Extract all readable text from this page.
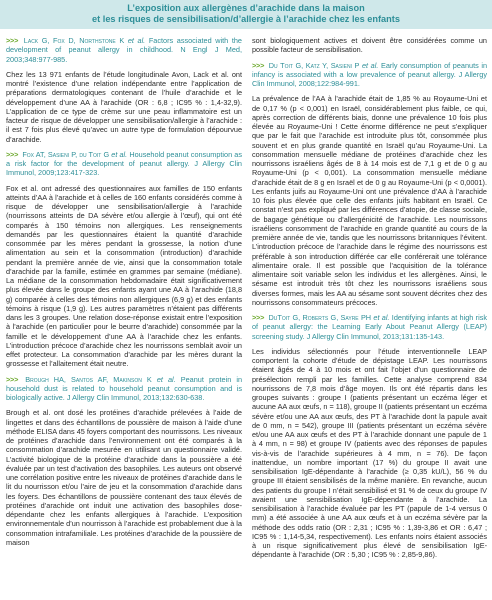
L’exposition aux allergènes d’arachide dans la maison
et les risques de sensibilisation/d’allergie à l’arachide chez les enfants
>>> Lack G, Fox D, Northstone K et al. Factors associated with the development of peanut allergy in childhood. N Engl J Med, 2003;348:977-985.
Chez les 13 971 enfants de l’étude longitudinale Avon, Lack et al. ont montré l’existence d’une relation indépendante entre l’application de préparations dermatologiques contenant de l’huile d’arachide et le développement d’une AA à l’arachide (OR : 6,8 ; IC95 % : 1,4-32,9). L’application de ce type de crème sur une peau inflammatoire est un facteur de risque de développer une sensibilisation/allergie à l’arachide : il est 7 fois plus élevé qu’avec un autre type de formulation dépourvue d’arachide.
>>> Fox AT, Sasieni P, du Toit G et al. Household peanut consumption as a risk factor for the development of peanut allergy. J Allergy Clin Immunol, 2009;123:417-323.
Fox et al. ont adressé des questionnaires aux familles de 150 enfants atteints d’AA à l’arachide et à celles de 160 enfants considérés comme à risque de développer une sensibilisation/allergie à l’arachide (nourrissons atteints de DA sévère et/ou allergie à l’œuf), qui ont été comparés à 150 témoins non allergiques. Les renseignements demandés par les questionnaires étaient la quantité d’arachide consommée par les mères pendant la grossesse, la notion d’une alimentation au sein et la consommation (introduction) d’arachide pendant la première année de vie, ainsi que la consommation totale d’arachide par la famille, estimée en grammes par semaine (médiane). La médiane de la consommation hebdomadaire était significativement plus élevée dans le groupe des enfants ayant une AA à l’arachide (18,8 g) comparée à celles des témoins non allergiques (6,9 g) et des enfants témoins à risque (1,9 g). Les autres paramètres n’étaient pas différents dans les 3 groupes. Une relation dose-réponse existait entre l’exposition à l’arachide (en particulier pour le beurre d’arachide) consommée par la famille et le développement d’une AA à l’arachide chez les enfants. L’introduction précoce d’arachide chez les nourrissons semblait avoir un effet protecteur. La consommation d’arachide par les mères durant la grossesse et l’allaitement était neutre.
>>> Brough HA, Santos AF, Makinson K et al. Peanut protein in household dust is related to household peanut consumption and is biologically active. J Allergy Clin Immunol, 2013;132:630-638.
Brough et al. ont dosé les protéines d’arachide prélevées à l’aide de lingettes et dans des échantillons de poussière de maison à l’aide d’une méthode ELISA dans 45 foyers comportant des nourrissons. Les niveaux de protéines d’arachide dans l’environnement ont été comparés à la consommation d’arachide mesurée en utilisant un questionnaire validé. L’activité biologique de la protéine d’arachide dans la poussière a été évaluée par un test d’activation des basophiles. Les auteurs ont observé une corrélation positive entre les niveaux de protéines d’arachide dans le lit du nourrisson et/ou l’aire de jeu et la consommation d’arachide dans les foyers. Des échantillons de poussière contenant des taux élevés de protéines d’arachide ont induit une activation des basophiles dose-dépendante chez les enfants allergiques à l’arachide. L’exposition environnementale d’un nourrisson à l’arachide est probablement due à la consommation intrafamiliale. Les protéines d’arachide de la poussière de maison
sont biologiquement actives et doivent être considérées comme un possible facteur de sensibilisation.
>>> Du Toit G, Katz Y, Sasieni P et al. Early consumption of peanuts in infancy is associated with a low prevalence of peanut allergy. J Allergy Clin Immunol, 2008;122:984-991.
La prévalence de l’AA à l’arachide était de 1,85 % au Royaume-Uni et de 0,17 % (p < 0,001) en Israël, considérablement plus faible, ce qui, après correction de différents biais, donne une prévalence 10 fois plus élevée au Royaume-Uni ! Cette énorme différence ne peut s’expliquer que par le fait que l’arachide est introduite plus tôt, consommée plus souvent et en plus grande quantité en Israël qu’au Royaume-Uni. La consommation mensuelle médiane de protéines d’arachide chez les nourrissons israéliens âgés de 8 à 14 mois est de 7,1 g et de 0 g au Royaume-Uni (p < 0,001). La consommation mensuelle médiane d’arachide était de 8 g en Israël et de 0 g au Royaume-Uni (p < 0,0001). Les enfants juifs au Royaume-Uni ont une prévalence d’AA à l’arachide 10 fois plus élevée que celle des enfants juifs habitant en Israël. Ce constat n’est pas expliqué par les différences d’atopie, de classe sociale, de bagage génétique ou d’allergénicité de l’arachide. Les nourrissons israéliens consomment de l’arachide en grande quantité au cours de la première année de vie, tandis que les nourrissons britanniques l’évitent. L’introduction précoce de l’arachide dans le régime des nourrissons est préférable à son introduction différée car elle conférerait une tolérance alimentaire orale. Il est possible que l’acquisition de la tolérance alimentaire soit variable selon les individus et les allergènes. Ainsi, le sésame est introduit très tôt chez les nourrissons israéliens sous diverses formes, mais les AA au sésame sont souvent décrites chez des nourrissons consommateurs précoces.
>>> DuToit G, Roberts G, Sayre PH et al. Identifying infants at high risk of peanut allergy: the Learning Early About Peanut Allergy (LEAP) screening study. J Allergy Clin Immunol, 2013;131:135-143.
Les individus sélectionnés pour l’étude interventionnelle LEAP comportent la cohorte d’étude de dépistage LEAP. Les nourrissons étaient âgés de 4 à 10 mois et ont fait l’objet d’un questionnaire de présélection rempli par les familles. Cette analyse comprend 834 nourrissons de 7,8 mois d’âge moyen. Ils ont été répartis dans les groupes suivants : groupe I (patients présentant un eczéma léger et aucune AA aux œufs, n = 118), groupe II (patients présentant un eczéma sévère et/ou une AA aux œufs, des PT à l’arachide dont la papule avait de 0 mm, n = 542), groupe III (patients présentant un eczéma sévère et/ou une AA aux œufs et des PT à l’arachide donnant une papule de 1 à 4 mm, n = 98) et groupe IV (patients avec des réponses de papules vis-à-vis de l’arachide supérieures à 4 mm, n = 76). De façon inattendue, un nombre important (17 %) du groupe II avait une sensibilisation IgE-dépendante à l’arachide (≥ 0,35 kU/L), 56 % du groupe III étaient sensibilisés de la même manière. En revanche, aucun des patients du groupe I n’était sensibilisé et 91 % de ceux du groupe IV avaient une sensibilisation IgE-dépendante à l’arachide. La sensibilisation à l’arachide évaluée par les PT (papule de 1-4 versus 0 mm) a été associée à une AA aux œufs et à un eczéma sévère par la méthode des odds ratio (OR : 2,31 ; IC95 % : 1,39-3,86 et OR : 6,47 ; IC95 % : 1,14-5,34, respectivement). Les enfants noirs étaient associés à un risque significativement plus élevé de sensibilisation IgE-dépendante à l’arachide (OR : 5,30 ; IC95 % : 2,85-9,86).
